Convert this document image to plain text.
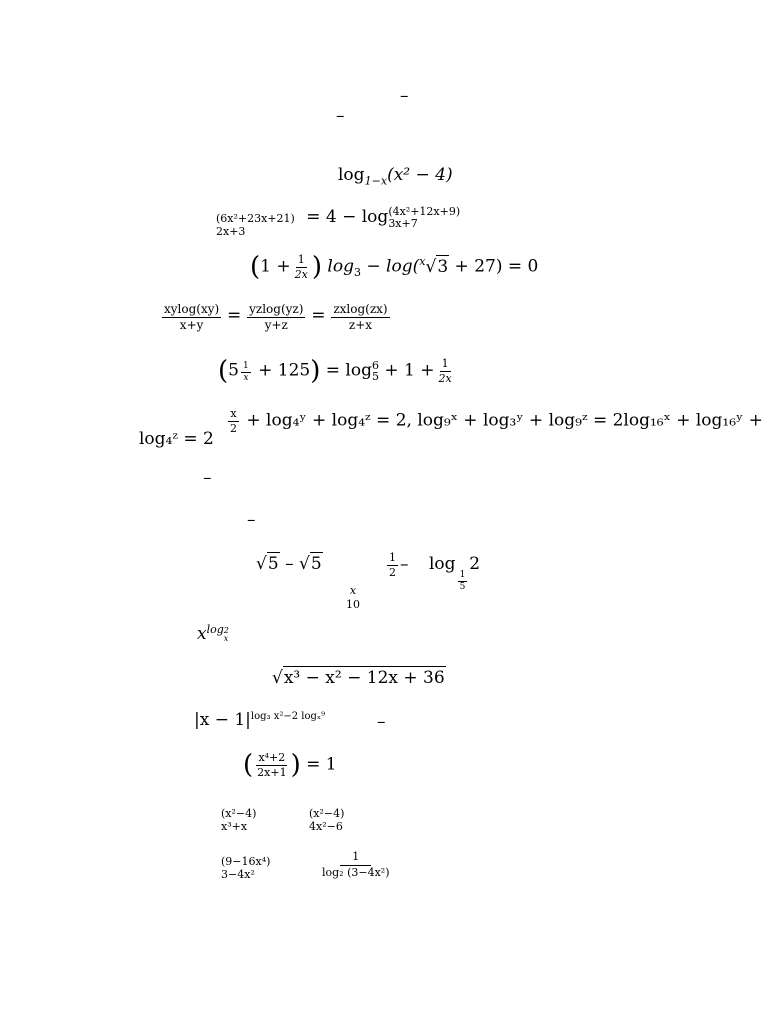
–
–
$\log_{1-x}(x^2 - 4)$
(6x²+23x+21)
2x+3
= 4 − log (4x²+12x+9)
3x+7
($1 + \frac{1}{2x}$ ) $\log_3 - \log(^x√3 + 27) = 0$
$\frac{xylog(xy)}{x+y} = \frac{yzlog(yz)}{y+z} = \frac{zxlog(zx)}{z+x}$
(5 $^{\frac{1}{x}}$ + 125) = log 6
$5 + 1 + \frac{1}{2x}$
$\frac{x}{2}$ + log₄ʸ + log₄ᶻ = 2, log₉ˣ + log₃ʸ + log₉ᶻ = 2log₁₆ˣ + log₁₆ʸ +
log₄ᶻ = 2
–
–
√5 – √5	$\frac{1}{2}$ – log
$\frac{1}{5}$
2
x
10
$x^{log 2 x}$
√x³ − x² − 12x + 36
$|x - 1|^{log_3 x^2-2 log_x^9}$	–
( $\frac{\text{x⁴+2}}{2x+1}$ ) = 1
(x²−4)
x³+x
(x²−4)
4x²−6
(9−16x⁴)
3−4x²	$\frac{1}{\text{log₂ (3−4x²)}}$
